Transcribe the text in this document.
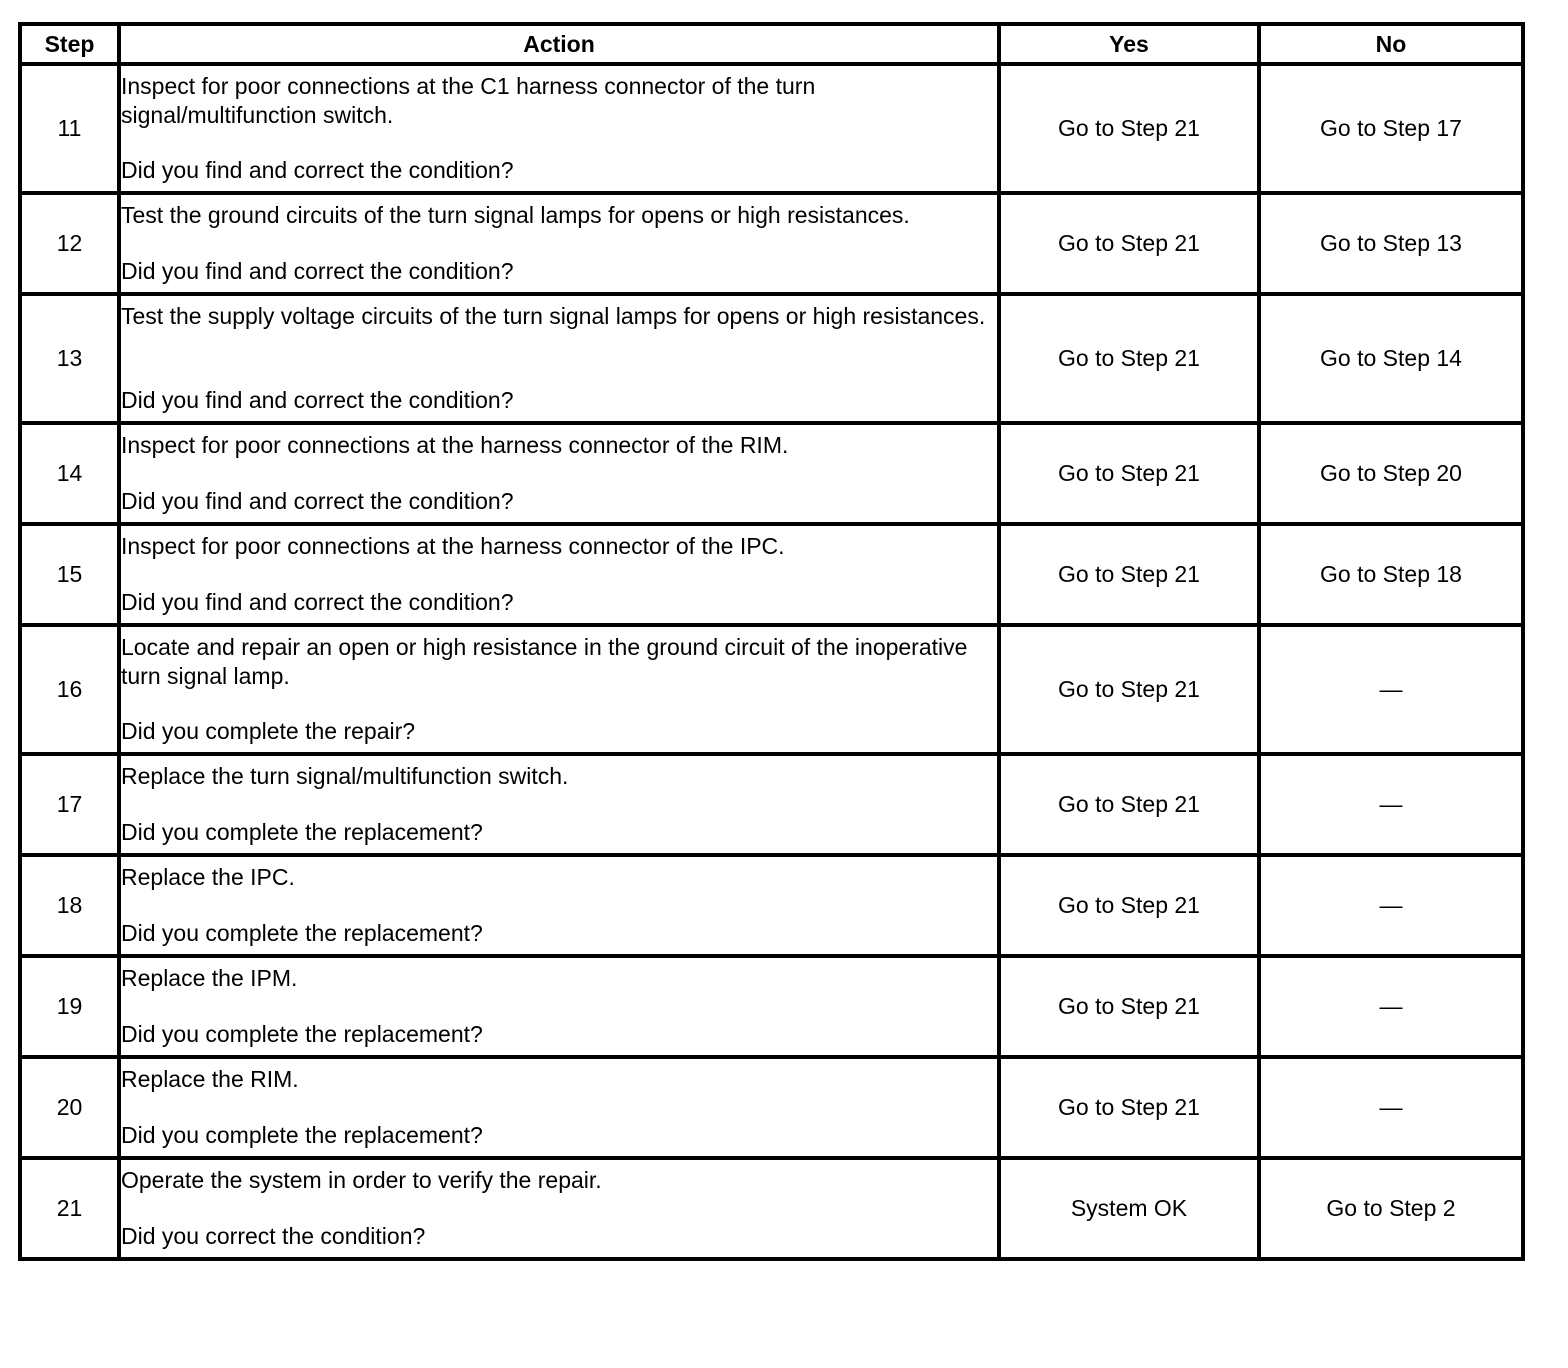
Step	Action	Yes	No
11	Inspect for poor connections at the C1 harness connector of the turn signal/multifunction switch.
Did you find and correct the condition?	Go to Step 21	Go to Step 17
12	Test the ground circuits of the turn signal lamps for opens or high resistances.
Did you find and correct the condition?	Go to Step 21	Go to Step 13
13	Test the supply voltage circuits of the turn signal lamps for opens or high resistances.
Did you find and correct the condition?	Go to Step 21	Go to Step 14
14	Inspect for poor connections at the harness connector of the RIM.
Did you find and correct the condition?	Go to Step 21	Go to Step 20
15	Inspect for poor connections at the harness connector of the IPC.
Did you find and correct the condition?	Go to Step 21	Go to Step 18
16	Locate and repair an open or high resistance in the ground circuit of the inoperative turn signal lamp.
Did you complete the repair?	Go to Step 21	—
17	Replace the turn signal/multifunction switch.
Did you complete the replacement?	Go to Step 21	—
18	Replace the IPC.
Did you complete the replacement?	Go to Step 21	—
19	Replace the IPM.
Did you complete the replacement?	Go to Step 21	—
20	Replace the RIM.
Did you complete the replacement?	Go to Step 21	—
21	Operate the system in order to verify the repair.
Did you correct the condition?	System OK	Go to Step 2
